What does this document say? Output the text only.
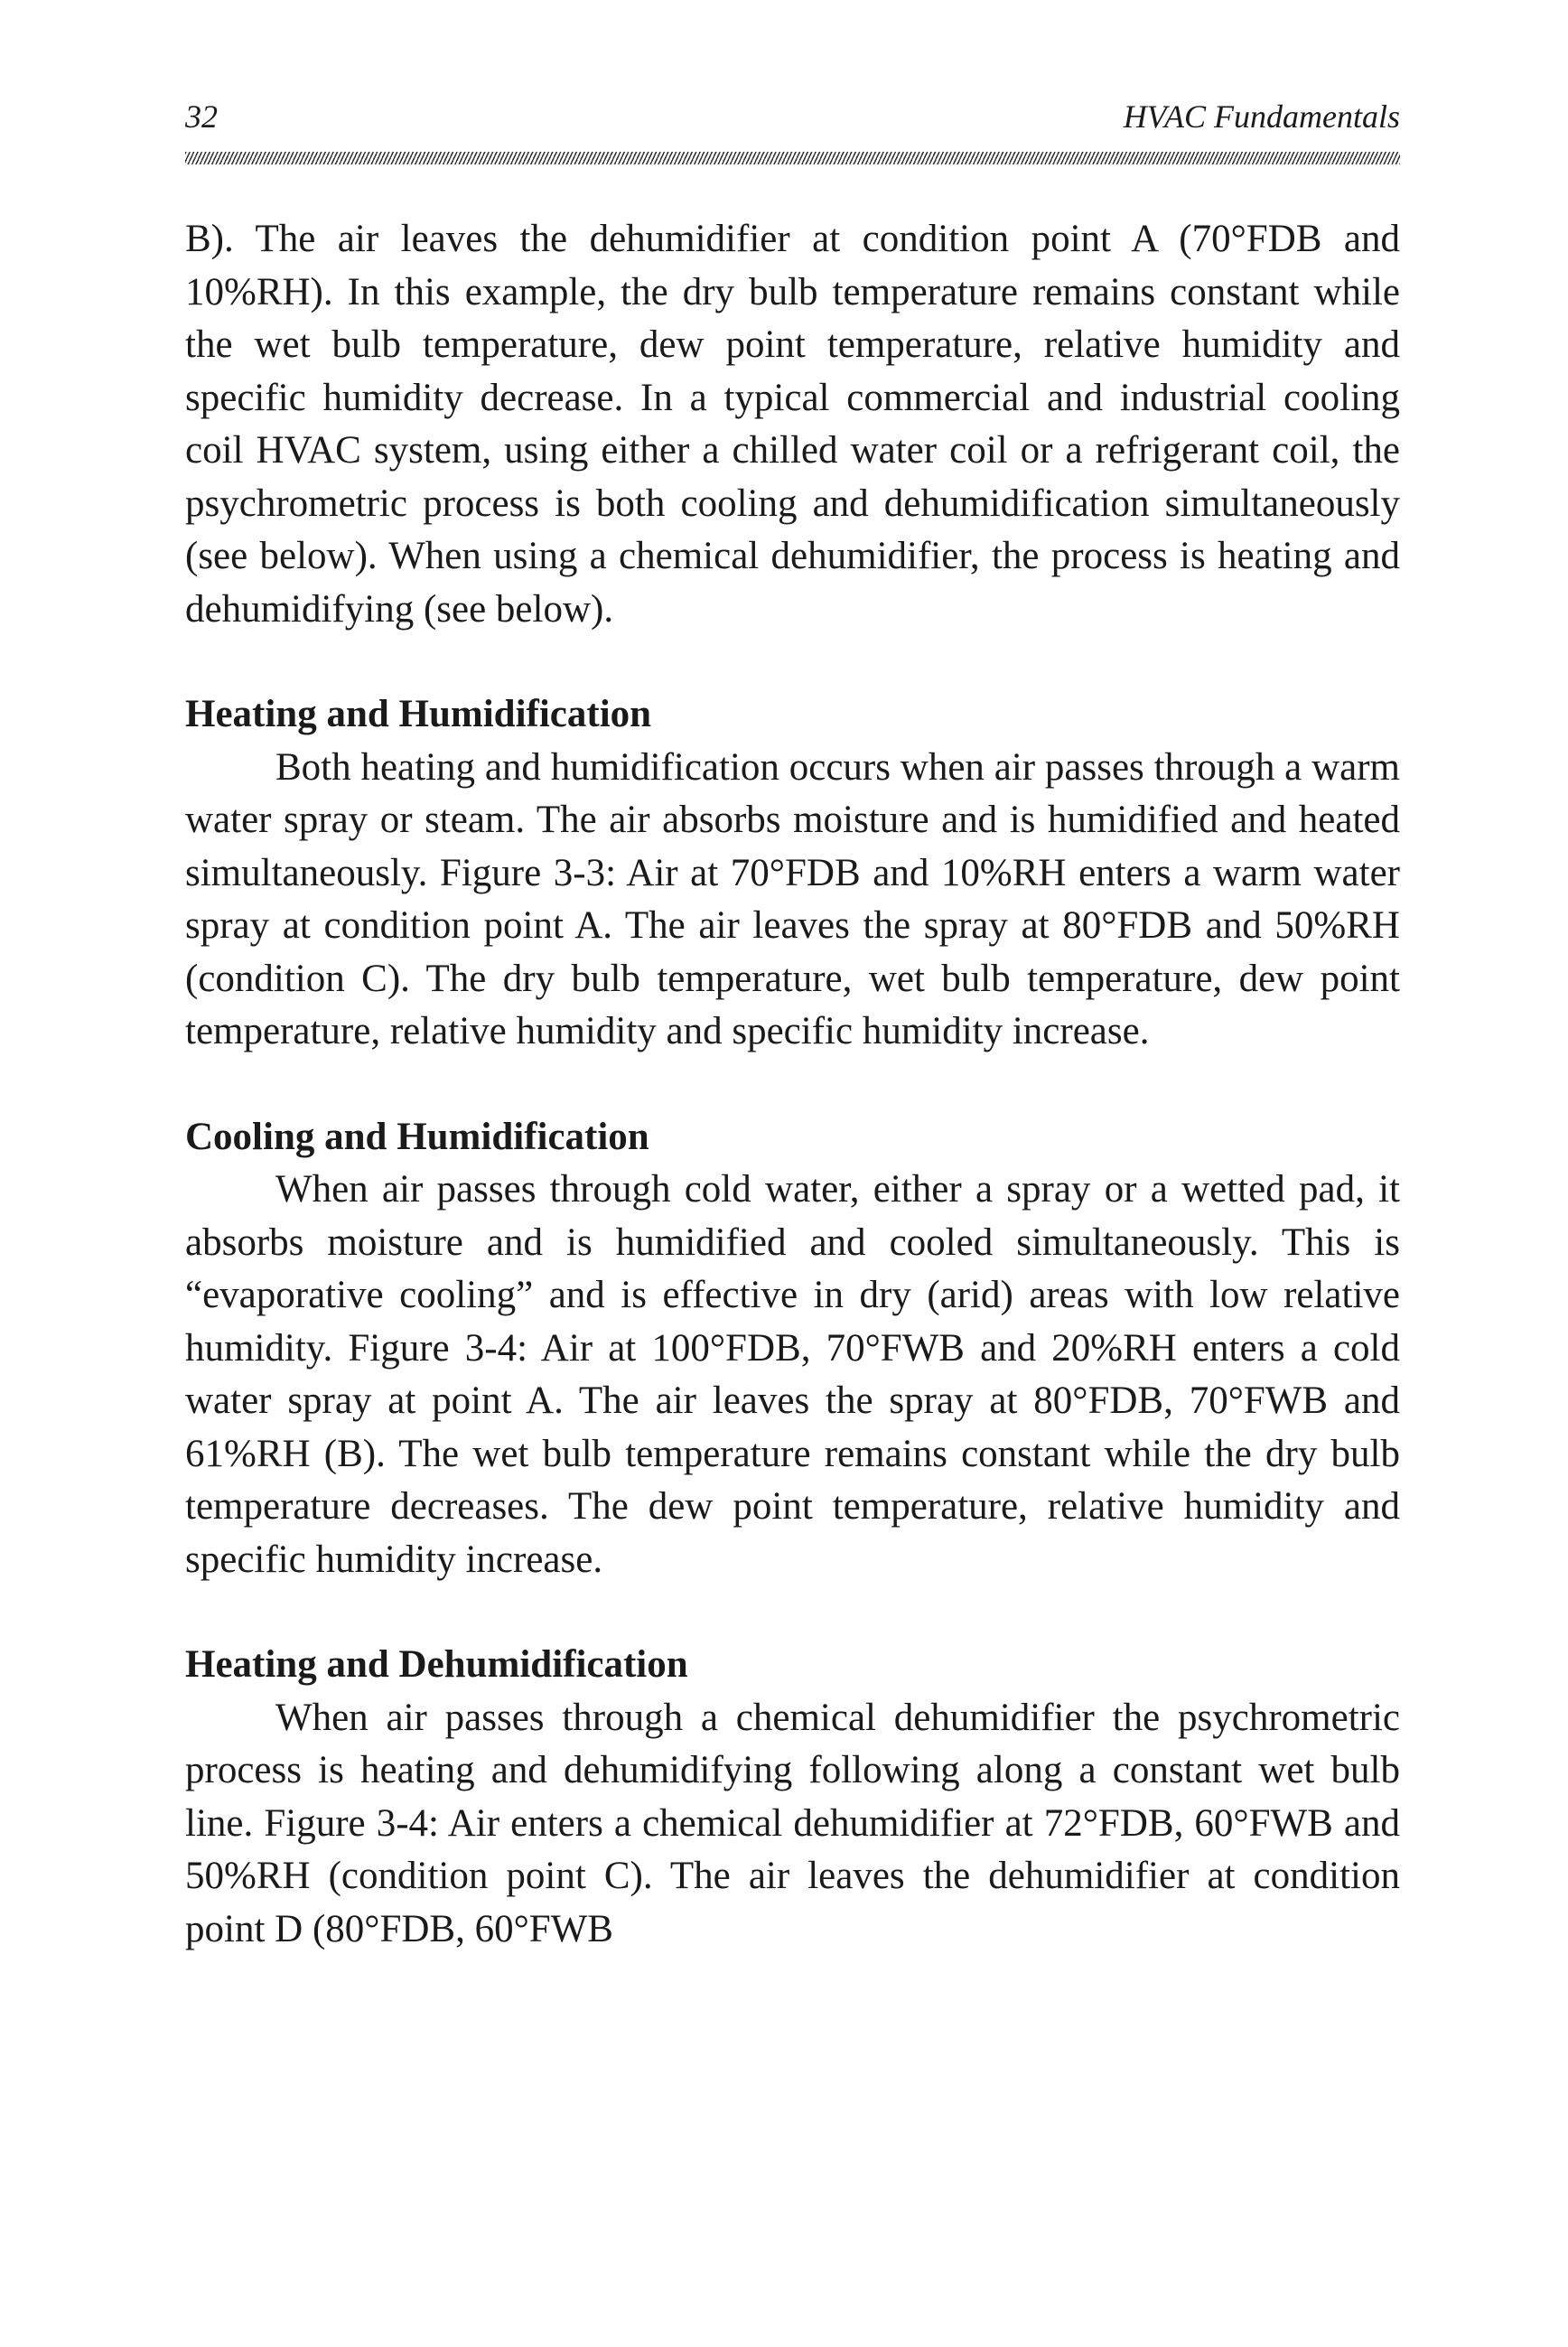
32	HVAC Fundamentals

B). The air leaves the dehumidifier at condition point A (70°FDB and 10%RH). In this example, the dry bulb temperature remains constant while the wet bulb temperature, dew point temperature, relative humidity and specific humidity decrease. In a typical commercial and industrial cooling coil HVAC system, using either a chilled water coil or a refrigerant coil, the psychrometric process is both cooling and dehumidification simultaneously (see below). When using a chemical dehumidifier, the process is heating and dehumidifying (see below).

Heating and Humidification

Both heating and humidification occurs when air passes through a warm water spray or steam. The air absorbs moisture and is humidified and heated simultaneously. Figure 3-3: Air at 70°FDB and 10%RH enters a warm water spray at condition point A. The air leaves the spray at 80°FDB and 50%RH (condition C). The dry bulb temperature, wet bulb temperature, dew point temperature, relative humidity and specific humidity increase.

Cooling and Humidification

When air passes through cold water, either a spray or a wetted pad, it absorbs moisture and is humidified and cooled simultaneously. This is “evaporative cooling” and is effective in dry (arid) areas with low relative humidity. Figure 3-4: Air at 100°FDB, 70°FWB and 20%RH enters a cold water spray at point A. The air leaves the spray at 80°FDB, 70°FWB and 61%RH (B). The wet bulb temperature remains constant while the dry bulb temperature decreases. The dew point temperature, relative humidity and specific humidity increase.

Heating and Dehumidification

When air passes through a chemical dehumidifier the psychrometric process is heating and dehumidifying following along a constant wet bulb line. Figure 3-4: Air enters a chemical dehumidifier at 72°FDB, 60°FWB and 50%RH (condition point C). The air leaves the dehumidifier at condition point D (80°FDB, 60°FWB
